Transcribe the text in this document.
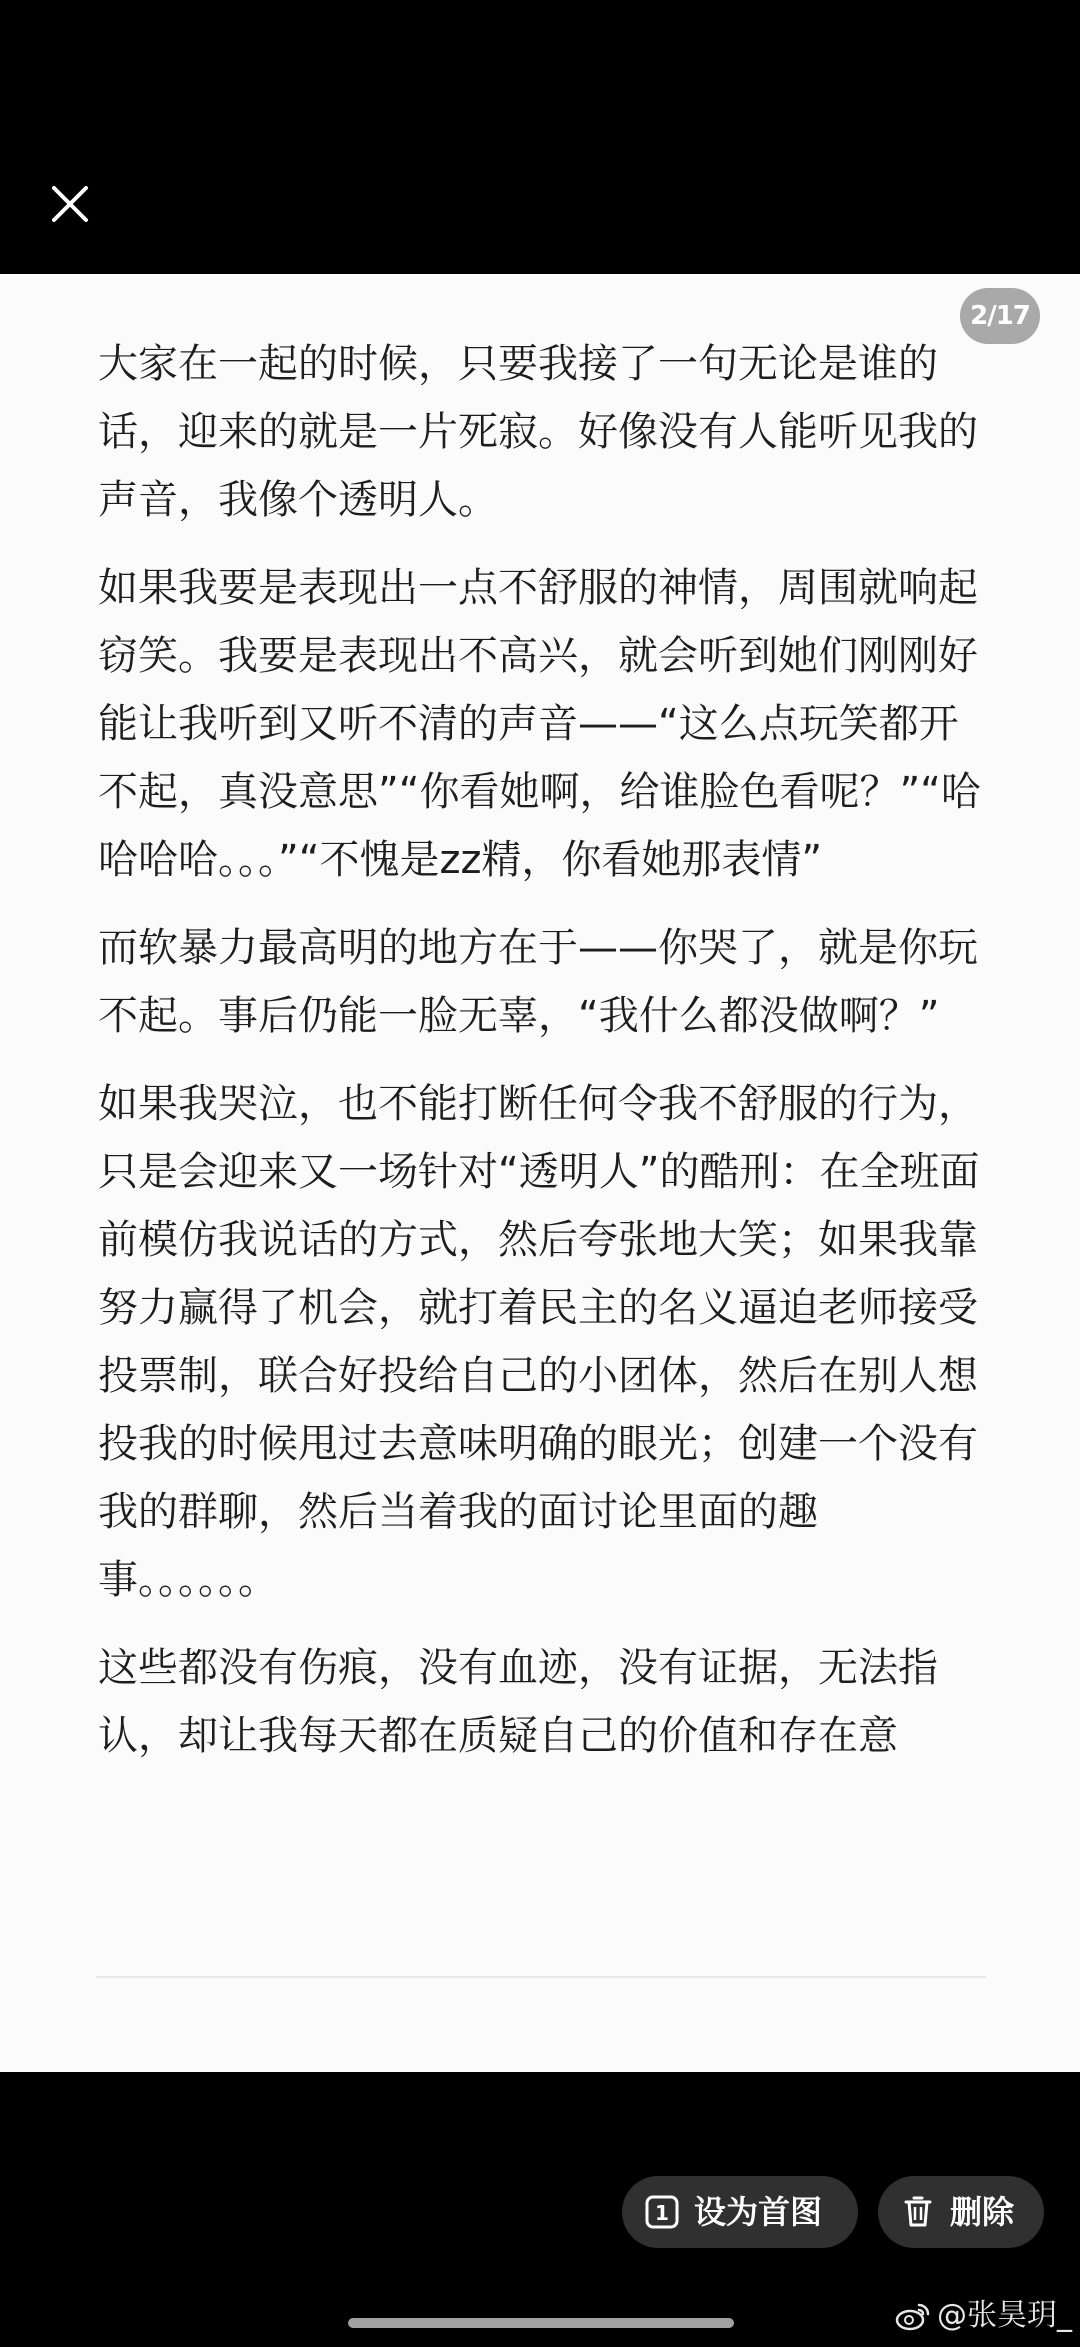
2/17

大家在一起的时候，只要我接了一句无论是谁的话，迎来的就是一片死寂。好像没有人能听见我的声音，我像个透明人。

如果我要是表现出一点不舒服的神情，周围就响起窃笑。我要是表现出不高兴，就会听到她们刚刚好能让我听到又听不清的声音——“这么点玩笑都开不起，真没意思”“你看她啊，给谁脸色看呢？”“哈哈哈哈。。。”“不愧是zz精，你看她那表情”

而软暴力最高明的地方在于——你哭了，就是你玩不起。事后仍能一脸无辜，“我什么都没做啊？”

如果我哭泣，也不能打断任何令我不舒服的行为，只是会迎来又一场针对“透明人”的酷刑：在全班面前模仿我说话的方式，然后夸张地大笑；如果我靠努力赢得了机会，就打着民主的名义逼迫老师接受投票制，联合好投给自己的小团体，然后在别人想投我的时候甩过去意味明确的眼光；创建一个没有我的群聊，然后当着我的面讨论里面的趣事。。。。。。

这些都没有伤痕，没有血迹，没有证据，无法指认，却让我每天都在质疑自己的价值和存在意

1 设为首图	删除
@张昊玥_
